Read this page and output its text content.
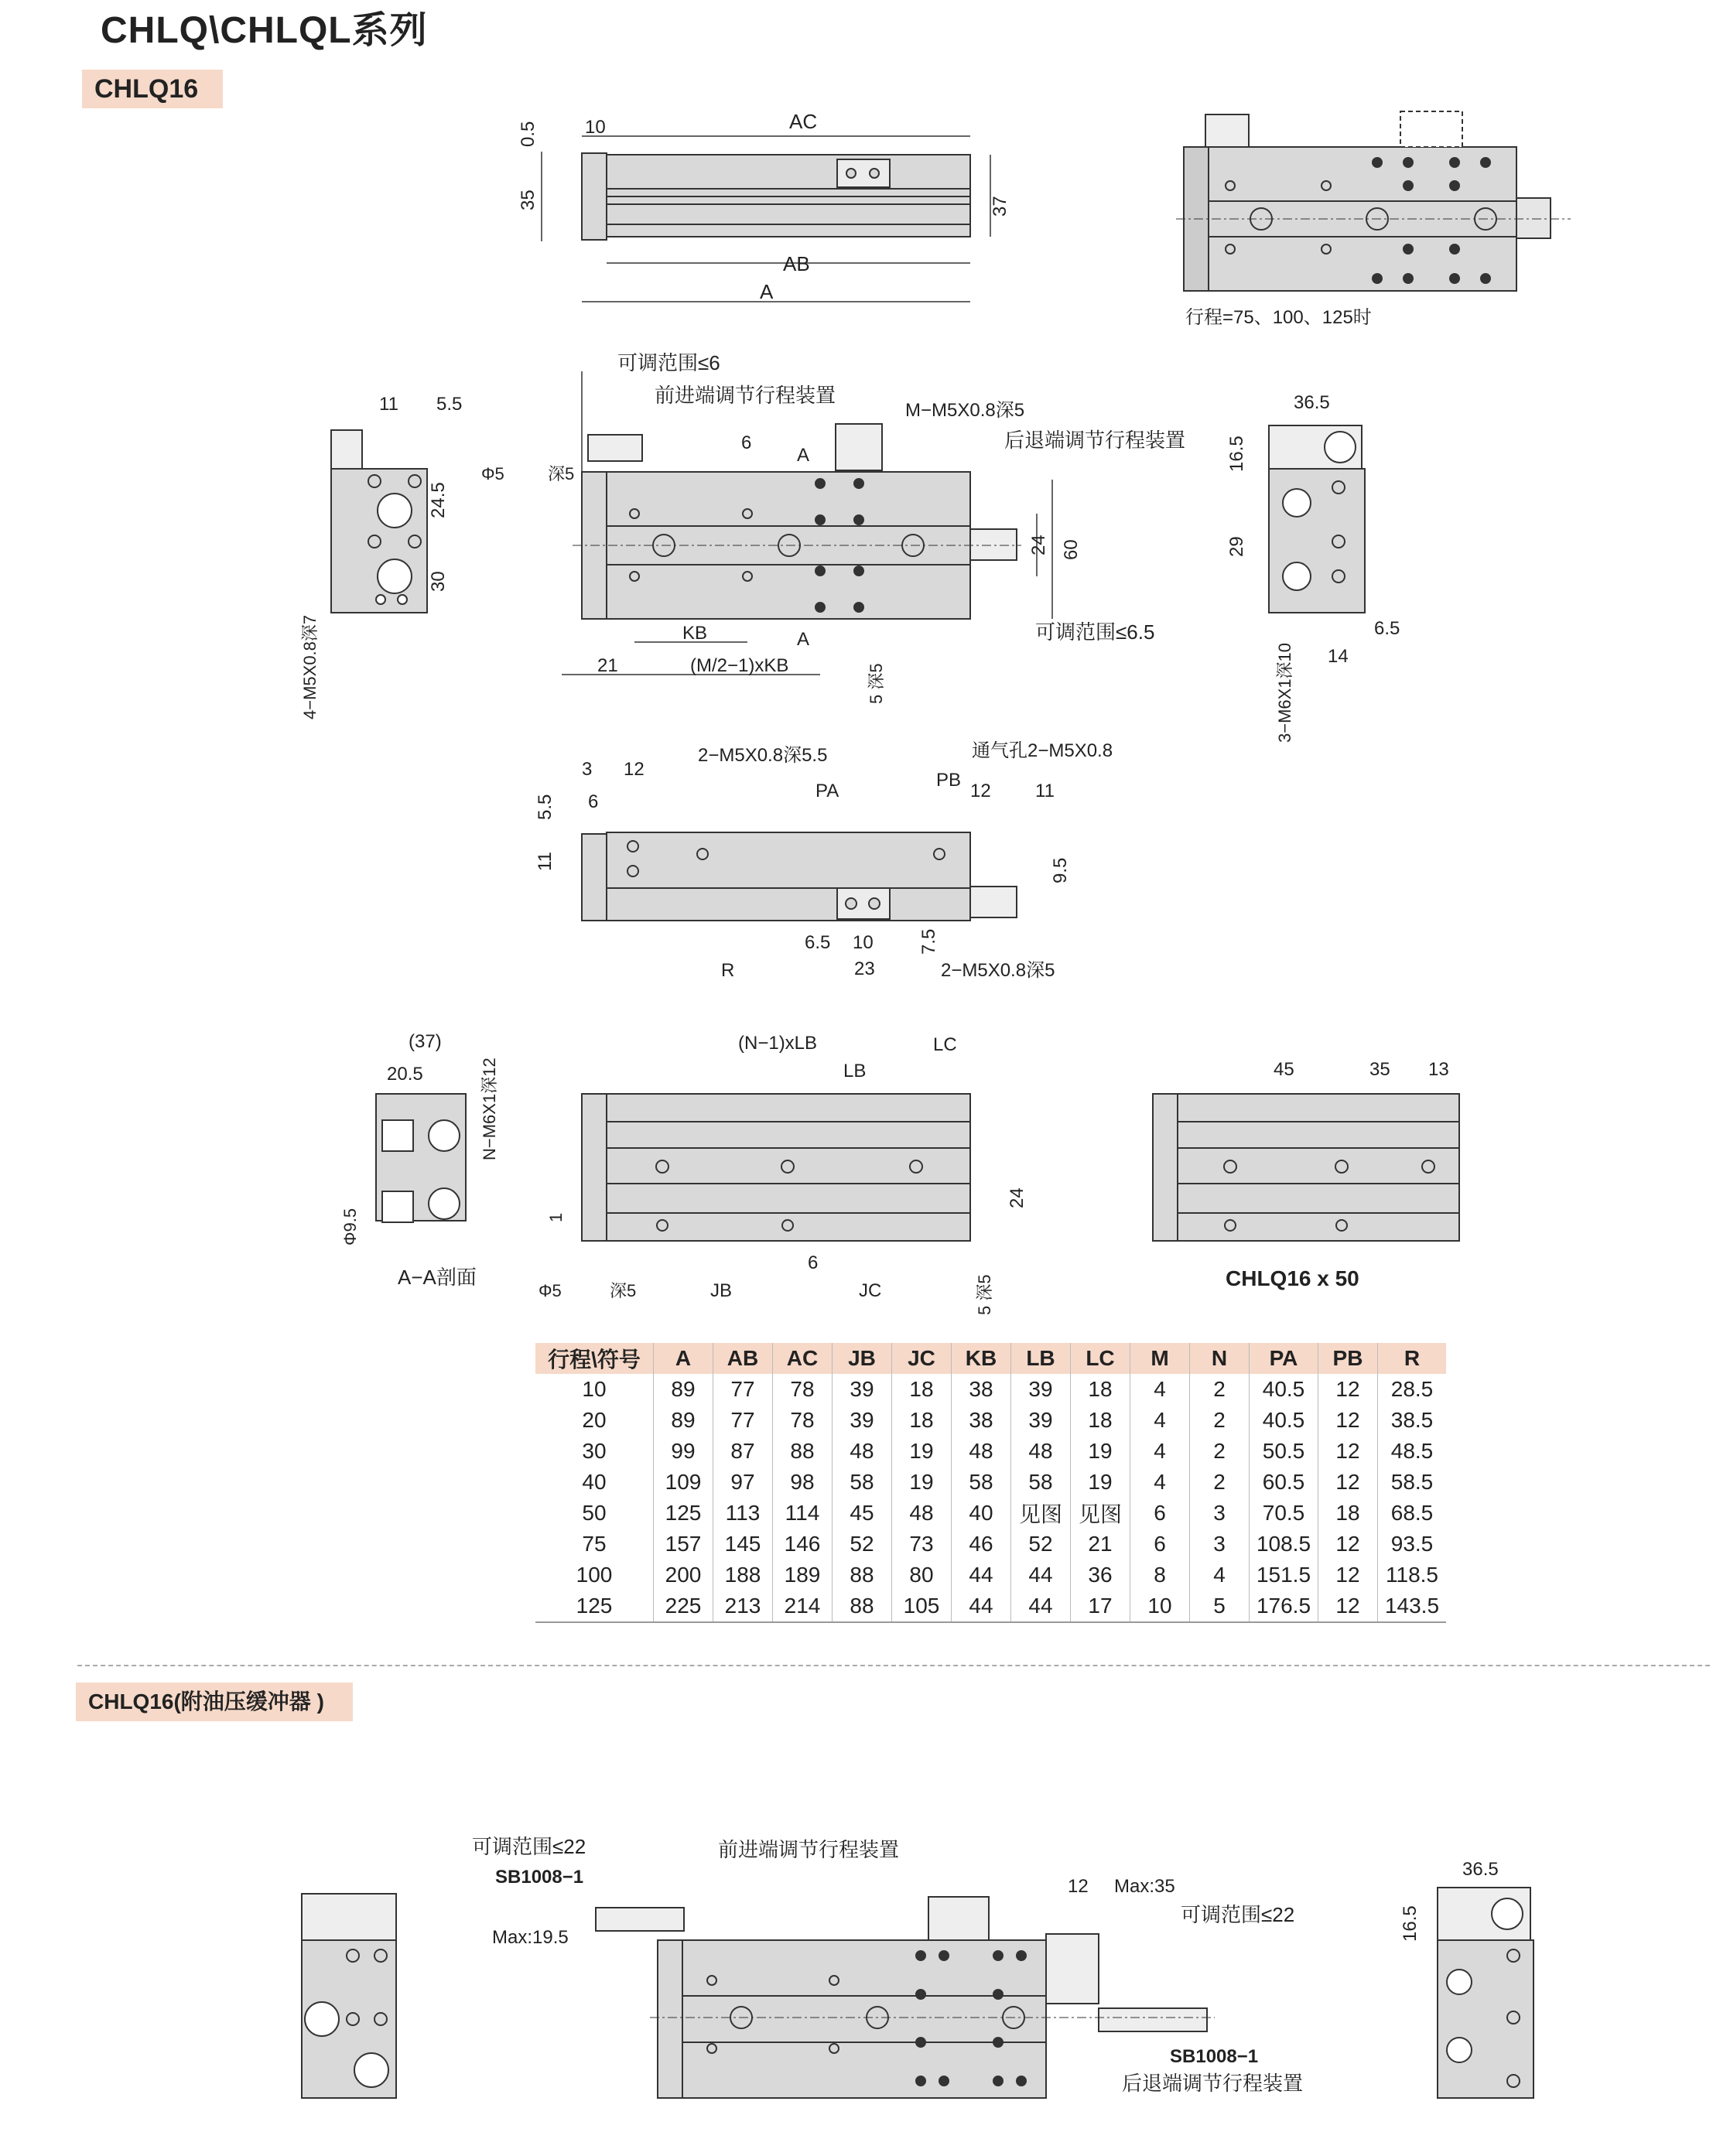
CHLQ\CHLQL系列
CHLQ16
CHLQ16(附油压缓冲器 )
AC
AB
A
10
0.5
35	37
行程=75、100、125时
可调范围≤6
前进端调节行程装置
M−M5X0.8深5
后退端调节行程装置
6
A
A
Φ5	深5
24 60
可调范围≤6.5
KB
21	(M/2−1)xKB	5 深5
11 5.5
24.5
30
4−M5X0.8深7
36.5
16.5
29
3−M6X1深10
6.5
14
3 12
2−M5X0.8深5.5	通气孔2−M5X0.8
6
PA
PB
12 11
5.5
11	9.5
6.5 10 7.5
R	23	2−M5X0.8深5
(37)
20.5	N−M6X1深12
Φ9.5
A−A剖面
(N−1)xLB
LB
LC
24
1
6
JB	JC
Φ5	深5	5 深5
45	35 13
CHLQ16 x 50
可调范围≤22
SB1008−1
前进端调节行程装置
Max:19.5
12 Max:35
可调范围≤22
SB1008−1
后退端调节行程装置
36.5
16.5
行程\符号	A	AB	AC	JB	JC	KB	LB	LC	M	N	PA	PB	R
10	89	77	78	39	18	38	39	18	4	2	40.5	12	28.5
20	89	77	78	39	18	38	39	18	4	2	40.5	12	38.5
30	99	87	88	48	19	48	48	19	4	2	50.5	12	48.5
40	109	97	98	58	19	58	58	19	4	2	60.5	12	58.5
50	125	113	114	45	48	40	见图	见图	6	3	70.5	18	68.5
75	157	145	146	52	73	46	52	21	6	3	108.5	12	93.5
100	200	188	189	88	80	44	44	36	8	4	151.5	12	118.5
125	225	213	214	88	105	44	44	17	10	5	176.5	12	143.5
